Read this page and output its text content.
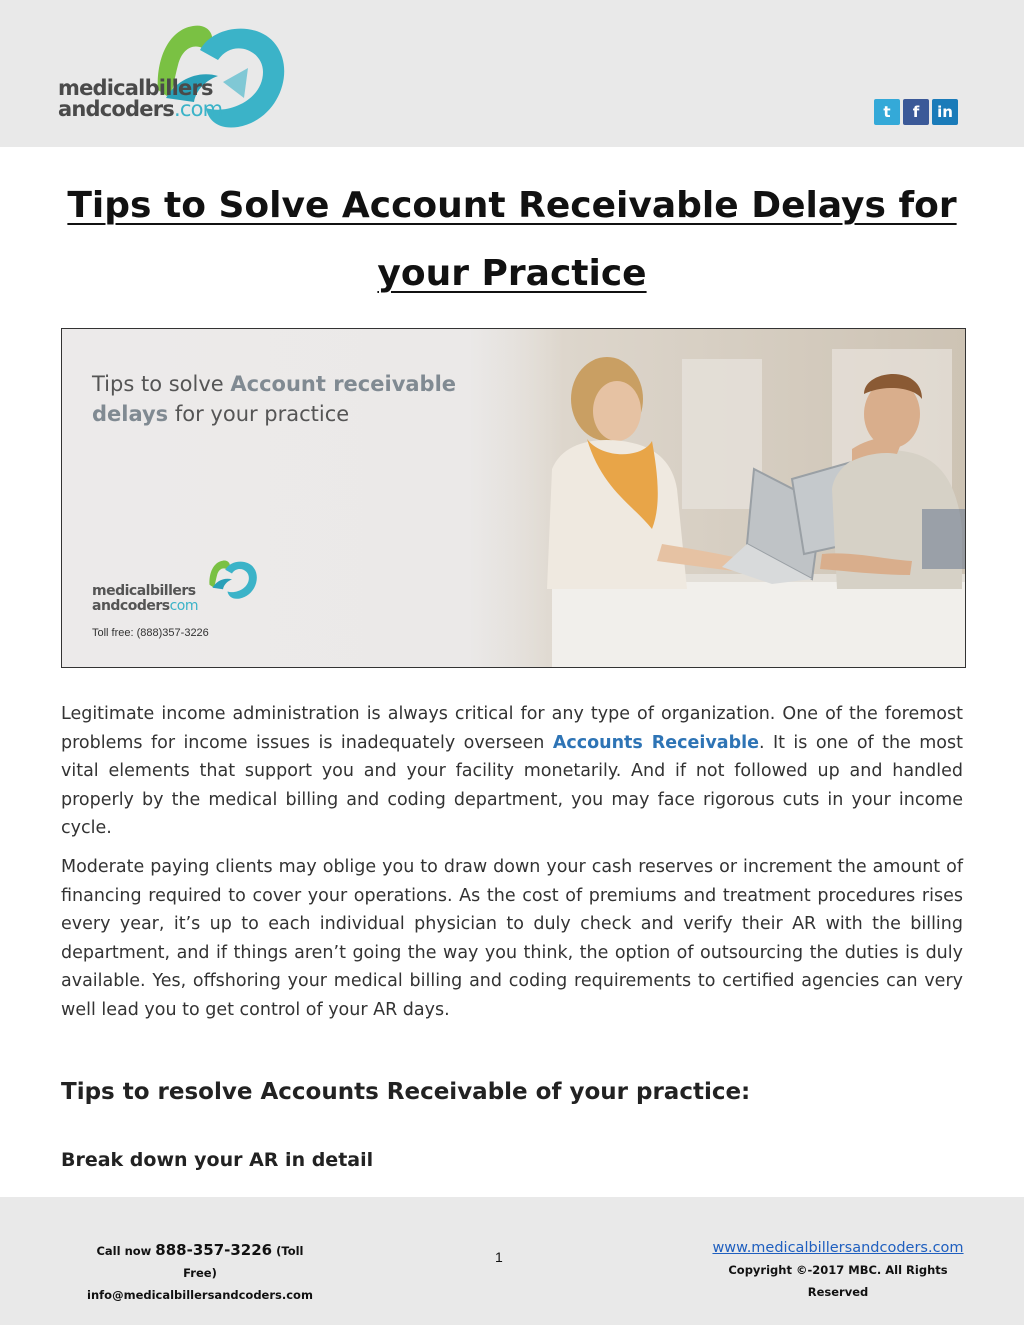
medicalbillers
andcoders.com	t	f	in
Tips to Solve Account Receivable Delays for
your Practice
Tips to solve Account receivable
delays for your practice
medicalbillers
andcoderscom
Toll free: (888)357-3226

Legitimate income administration is always critical for any type of organization. One of the foremost problems for income issues is inadequately overseen Accounts Receivable. It is one of the most vital elements that support you and your facility monetarily. And if not followed up and handled properly by the medical billing and coding department, you may face rigorous cuts in your income cycle.

Moderate paying clients may oblige you to draw down your cash reserves or increment the amount of financing required to cover your operations. As the cost of premiums and treatment procedures rises every year, it’s up to each individual physician to duly check and verify their AR with the billing department, and if things aren’t going the way you think, the option of outsourcing the duties is duly available. Yes, offshoring your medical billing and coding requirements to certified agencies can very well lead you to get control of your AR days.

Tips to resolve Accounts Receivable of your practice:
Break down your AR in detail
Call now 888-357-3226 (Toll Free)
info@medicalbillersandcoders.com
1
www.medicalbillersandcoders.com
Copyright ©-2017 MBC. All Rights Reserved
